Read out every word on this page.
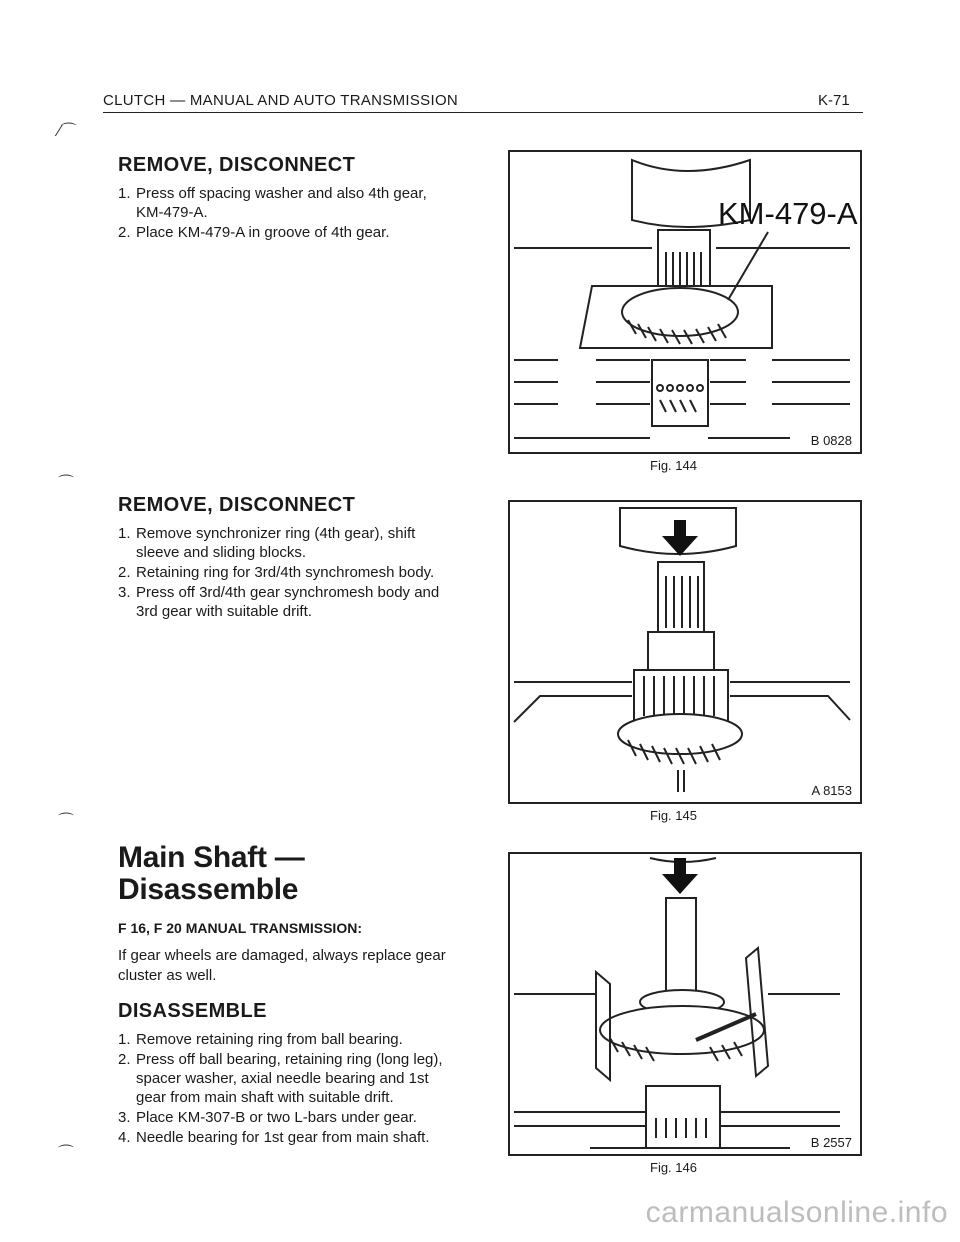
CLUTCH — MANUAL AND AUTO TRANSMISSION	K-71
⁄⌒
⌒
⌒
⌒
REMOVE, DISCONNECT
1. Press off spacing washer and also 4th gear, KM-479-A.
2. Place KM-479-A in groove of 4th gear.
REMOVE, DISCONNECT
1. Remove synchronizer ring (4th gear), shift sleeve and sliding blocks.
2. Retaining ring for 3rd/4th synchromesh body.
3. Press off 3rd/4th gear synchromesh body and 3rd gear with suitable drift.
Main Shaft —
Disassemble
F 16, F 20 MANUAL TRANSMISSION:
If gear wheels are damaged, always replace gear cluster as well.
DISASSEMBLE
1. Remove retaining ring from ball bearing.
2. Press off ball bearing, retaining ring (long leg), spacer washer, axial needle bearing and 1st gear from main shaft with suitable drift.
3. Place KM-307-B or two L-bars under gear.
4. Needle bearing for 1st gear from main shaft.
KM-479-A
B 0828
Fig. 144
A 8153
Fig. 145
B 2557
Fig. 146
carmanualsonline.info
